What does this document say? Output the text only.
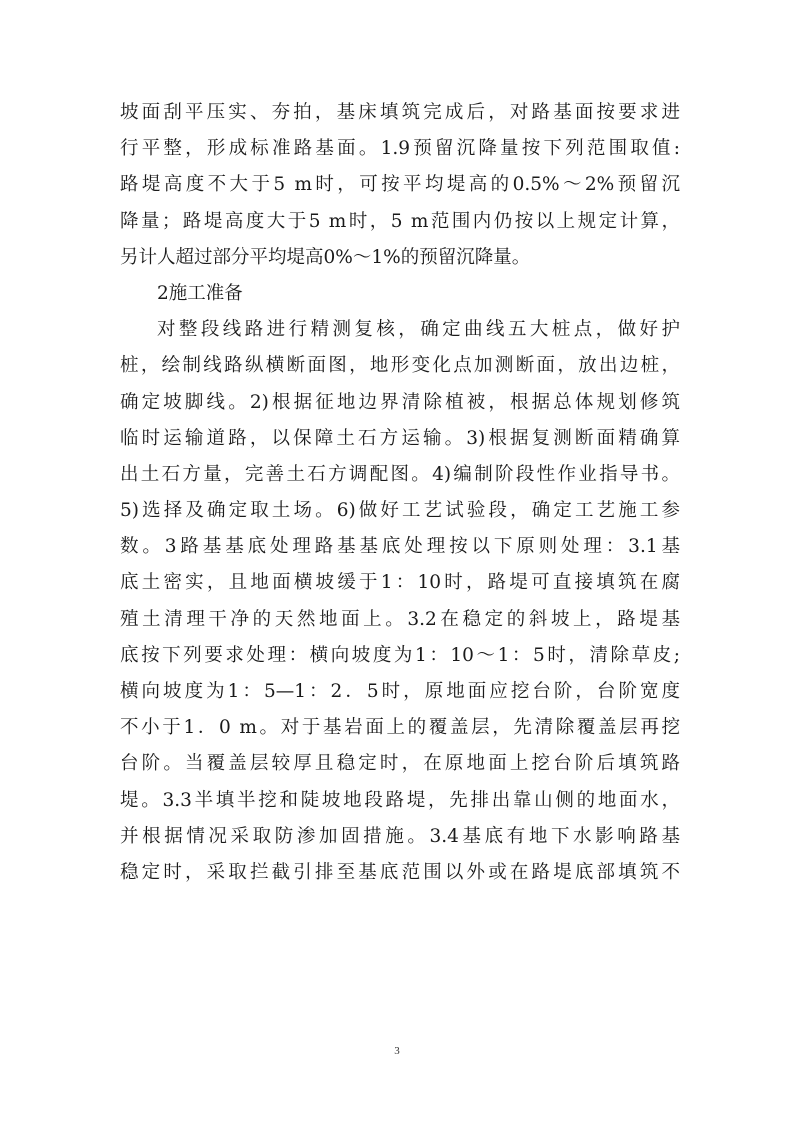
坡面刮平压实、夯拍，基床填筑完成后，对路基面按要求进
行平整，形成标准路基面。1.9预留沉降量按下列范围取值:
路堤高度不大于5 m时，可按平均堤高的0.5%～2%预留沉
降量；路堤高度大于5 m时，5 m范围内仍按以上规定计算，
另计人超过部分平均堤高0%～1%的预留沉降量。
2施工准备
对整段线路进行精测复核，确定曲线五大桩点，做好护
桩，绘制线路纵横断面图，地形变化点加测断面，放出边桩，
确定坡脚线。2)根据征地边界清除植被，根据总体规划修筑
临时运输道路，以保障土石方运输。3)根据复测断面精确算
出土石方量，完善土石方调配图。4)编制阶段性作业指导书。
5)选择及确定取土场。6)做好工艺试验段，确定工艺施工参
数。3路基基底处理路基基底处理按以下原则处理：3.1基
底土密实，且地面横坡缓于1：10时，路堤可直接填筑在腐
殖土清理干净的天然地面上。3.2在稳定的斜坡上，路堤基
底按下列要求处理：横向坡度为1：10～1：5时，清除草皮;
横向坡度为1：5—1：2．5时，原地面应挖台阶，台阶宽度
不小于1．0 m。对于基岩面上的覆盖层，先清除覆盖层再挖
台阶。当覆盖层较厚且稳定时，在原地面上挖台阶后填筑路
堤。3.3半填半挖和陡坡地段路堤，先排出靠山侧的地面水，
并根据情况采取防渗加固措施。3.4基底有地下水影响路基
稳定时，采取拦截引排至基底范围以外或在路堤底部填筑不
3
